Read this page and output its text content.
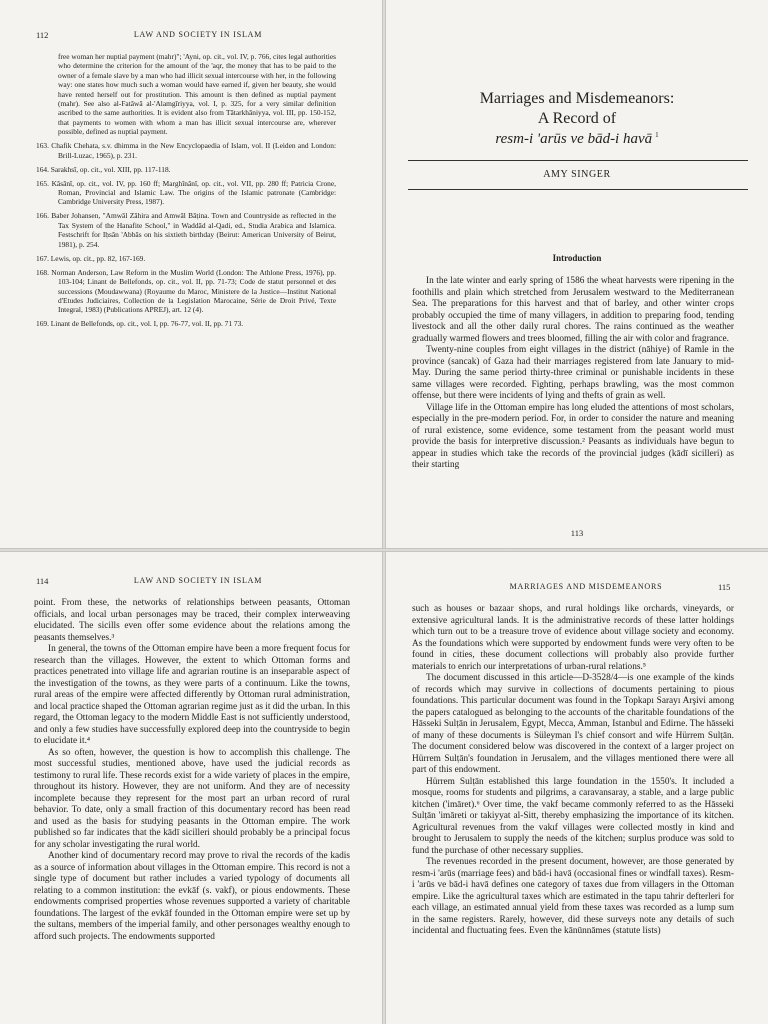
112	LAW AND SOCIETY IN ISLAM
free woman her nuptial payment (mahr)"; 'Ayni, op. cit., vol. IV, p. 766, cites legal authorities who determine the criterion for the amount of the 'aqr, the money that has to be paid to the owner of a female slave by a man who had illicit sexual intercourse with her, in the following way: one states how much such a woman would have earned if, given her beauty, she would have rented herself out for prostitution. This amount is then defined as nuptial payment (mahr). See also al-Fatāwā al-'Alamgīriyya, vol. I, p. 325, for a very similar definition ascribed to the same authorities. It is evident also from Tātarkhāniyya, vol. III, pp. 150-152, that payments to women with whom a man has illicit sexual intercourse are, wherever possible, defined as nuptial payment.
163. Chafik Chehata, s.v. dhimma in the New Encyclopaedia of Islam, vol. II (Leiden and London: Brill-Luzac, 1965), p. 231.
164. Sarakhsī, op. cit., vol. XIII, pp. 117-118.
165. Kāsānī, op. cit., vol. IV, pp. 160 ff; Marghīnānī, op. cit., vol. VII, pp. 280 ff; Patricia Crone, Roman, Provincial and Islamic Law. The origins of the Islamic patronate (Cambridge: Cambridge University Press, 1987).
166. Baber Johansen, "Amwāl Zāhira and Amwāl Bāṭina. Town and Countryside as reflected in the Tax System of the Hanafite School," in Waddād al-Qadi, ed., Studia Arabica and Islamica. Festschrift for Iḥsān 'Abbās on his sixtieth birthday (Beirut: American University of Beirut, 1981), p. 254.
167. Lewis, op. cit., pp. 82, 167-169.
168. Norman Anderson, Law Reform in the Muslim World (London: The Athlone Press, 1976), pp. 103-104; Linant de Bellefonds, op. cit., vol. II, pp. 71-73; Code de statut personnel et des successions (Moudawwana) (Royaume du Maroc, Ministere de la Justice—Institut National d'Etudes Judiciaires, Collection de la Legislation Marocaine, Série de Droit Privé, Texte Integral, 1983) (Publications APREJ), art. 12 (4).
169. Linant de Bellefonds, op. cit., vol. I, pp. 76-77, vol. II, pp. 71 73.
Marriages and Misdemeanors:
A Record of
resm-i 'arūs ve bād-i havā $^1$
AMY SINGER
Introduction

In the late winter and early spring of 1586 the wheat harvests were ripening in the foothills and plain which stretched from Jerusalem westward to the Mediterranean Sea. The preparations for this harvest and that of barley, and other winter crops probably occupied the time of many villagers, in addition to preparing food, tending livestock and all the other daily rural chores. The rains continued as the weather gradually warmed flowers and trees bloomed, filling the air with color and fragrance.

Twenty-nine couples from eight villages in the district (nāhiye) of Ramle in the province (sancak) of Gaza had their marriages registered from late January to mid-May. During the same period thirty-three criminal or punishable incidents in these same villages were recorded. Fighting, perhaps brawling, was the most common offense, but there were incidents of lying and thefts of grain as well.

Village life in the Ottoman empire has long eluded the attentions of most scholars, especially in the pre-modern period. For, in order to consider the nature and meaning of rural existence, some evidence, some testament from the peasant world must provide the basis for interpretive discussion.² Peasants as individuals have begun to appear in studies which take the records of the provincial judges (kādī sicilleri) as their starting

113
114	LAW AND SOCIETY IN ISLAM

point. From these, the networks of relationships between peasants, Ottoman officials, and local urban personages may be traced, their complex interweaving elucidated. The sicills even offer some evidence about the relations among the peasants themselves.³

In general, the towns of the Ottoman empire have been a more frequent focus for research than the villages. However, the extent to which Ottoman forms and practices penetrated into village life and agrarian routine is an inseparable aspect of the investigation of the towns, as they were parts of a continuum. Like the towns, rural areas of the empire were affected differently by Ottoman rural administration, and local practice shaped the Ottoman agrarian regime just as it did the urban. In this regard, the Ottoman legacy to the modern Middle East is not sufficiently understood, and only a few studies have successfully explored deep into the countryside to begin to elucidate it.⁴

As so often, however, the question is how to accomplish this challenge. The most successful studies, mentioned above, have used the judicial records as testimony to rural life. These records exist for a wide variety of places in the empire, throughout its history. However, they are not uniform. And they are of necessity incomplete because they represent for the most part an urban record of rural behavior. To date, only a small fraction of this documentary record has been read and used as the basis for studying peasants in the Ottoman empire. The work published so far indicates that the kādī sicilleri should probably be a principal focus for any scholar investigating the rural world.

Another kind of documentary record may prove to rival the records of the kadis as a source of information about villages in the Ottoman empire. This record is not a single type of document but rather includes a varied typology of documents all relating to a common institution: the evkāf (s. vakf), or pious endowments. These endowments comprised properties whose revenues supported a variety of charitable foundations. The largest of the evkāf founded in the Ottoman empire were set up by the sultans, members of the imperial family, and other personages wealthy enough to afford such projects. The endowments supported

MARRIAGES AND MISDEMEANORS	115

such as houses or bazaar shops, and rural holdings like orchards, vineyards, or extensive agricultural lands. It is the administrative records of these latter holdings which turn out to be a treasure trove of evidence about village society and economy. As the foundations which were supported by endowment funds were very often to be found in cities, these document collections will probably also provide further materials to enrich our interpretations of urban-rural relations.⁵

The document discussed in this article—D-3528/4—is one example of the kinds of records which may survive in collections of documents pertaining to pious foundations. This particular document was found in the Topkapı Sarayı Arşivi among the papers catalogued as belonging to the accounts of the charitable foundations of the Hāsseki Sulṭān in Jerusalem, Egypt, Mecca, Amman, Istanbul and Edirne. The hāsseki of many of these documents is Süleyman I's chief consort and wife Hürrem Sulṭān. The document considered below was discovered in the context of a larger project on Hürrem Sulṭān's foundation in Jerusalem, and the villages mentioned there were all part of this endowment.

Hürrem Sulṭān established this large foundation in the 1550's. It included a mosque, rooms for students and pilgrims, a caravansaray, a stable, and a large public kitchen ('imāret).⁶ Over time, the vakf became commonly referred to as the Hāsseki Sulṭān 'imāreti or takiyyat al-Sitt, thereby emphasizing the importance of its kitchen. Agricultural revenues from the vakıf villages were collected mostly in kind and brought to Jerusalem to supply the needs of the kitchen; surplus produce was sold to fund the purchase of other necessary supplies.

The revenues recorded in the present document, however, are those generated by resm-i 'arūs (marriage fees) and bād-i havā (occasional fines or windfall taxes). Resm-i 'arūs ve bād-i havā defines one category of taxes due from villagers in the Ottoman empire. Like the agricultural taxes which are estimated in the tapu tahrir defterleri for each village, an estimated annual yield from these taxes was recorded as a lump sum in the same registers. Rarely, however, did these surveys note any details of such incidental and fluctuating fees. Even the kānūnnāmes (statute lists)
